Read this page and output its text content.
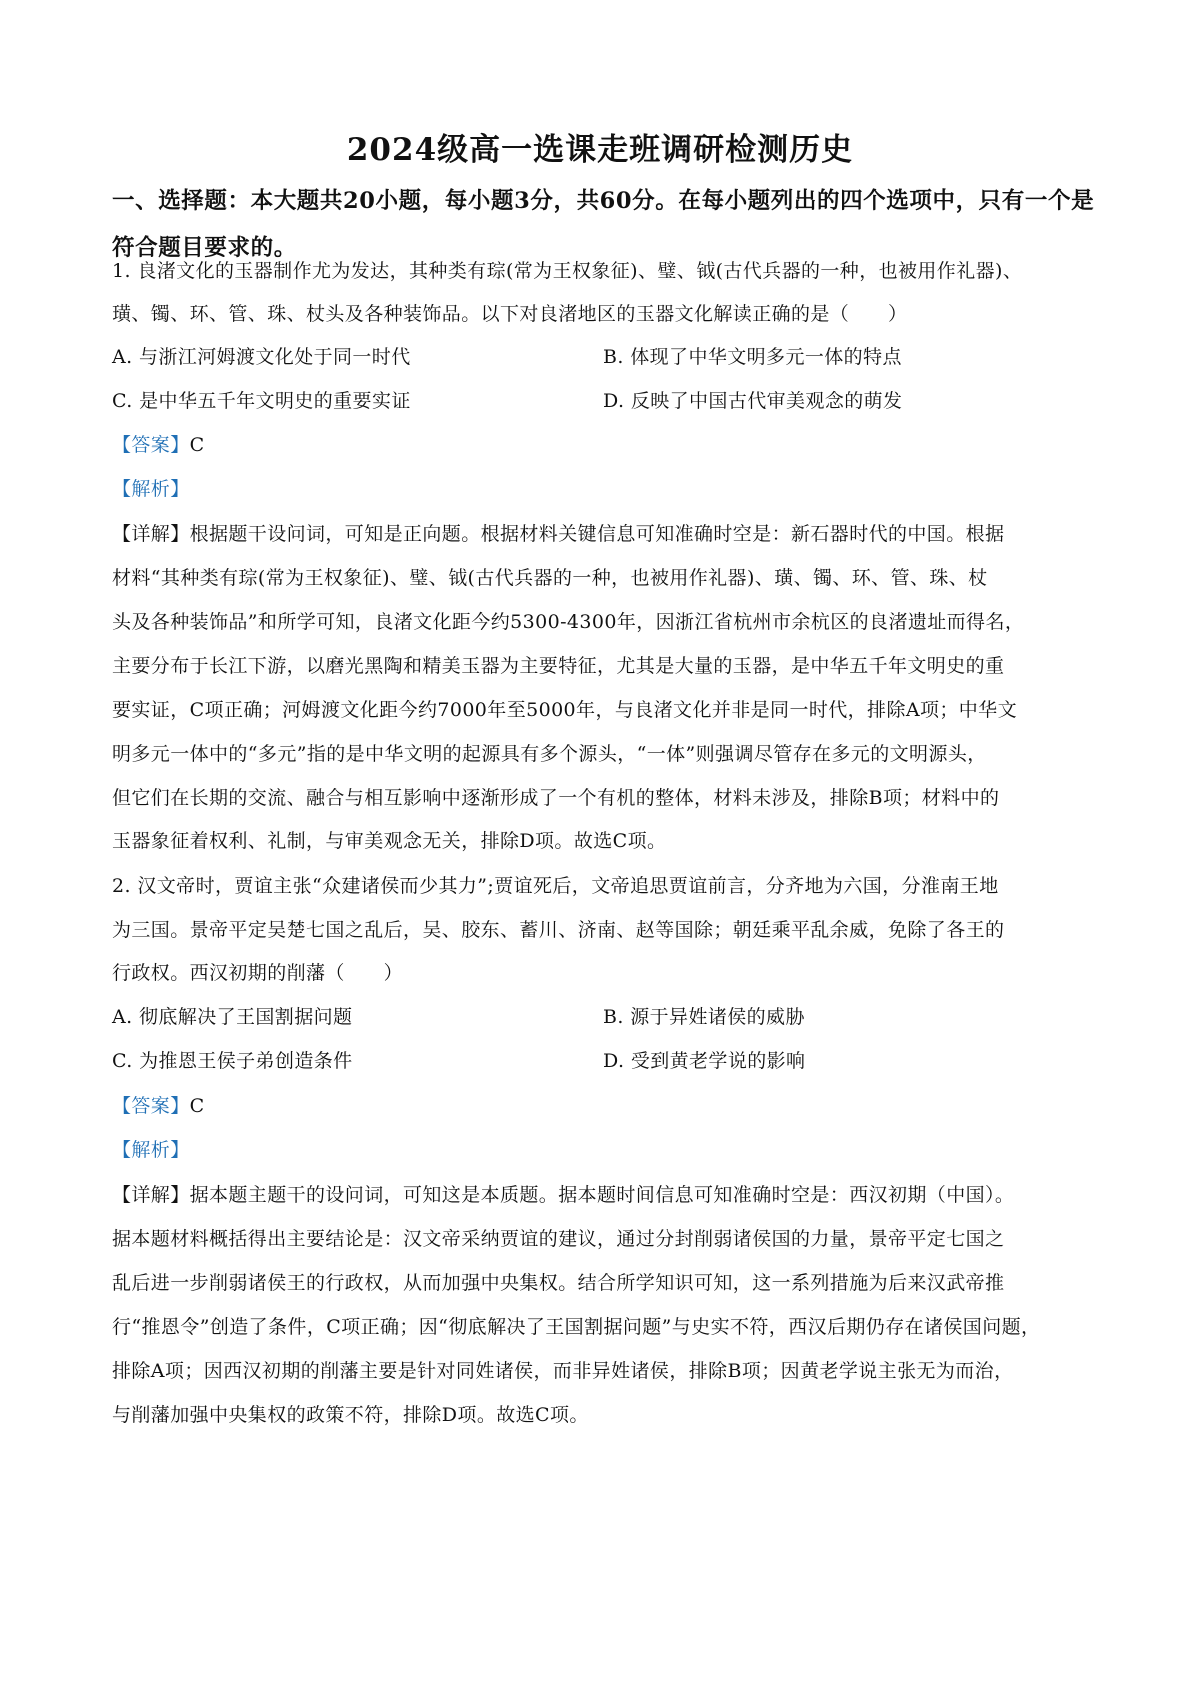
2024级高一选课走班调研检测历史
一、选择题：本大题共20小题，每小题3分，共60分。在每小题列出的四个选项中，只有一个是符合题目要求的。
1. 良渚文化的玉器制作尤为发达，其种类有琮(常为王权象征)、璧、钺(古代兵器的一种，也被用作礼器)、
璜、镯、环、管、珠、杖头及各种装饰品。以下对良渚地区的玉器文化解读正确的是（　　）
A. 与浙江河姆渡文化处于同一时代	B. 体现了中华文明多元一体的特点
C. 是中华五千年文明史的重要实证	D. 反映了中国古代审美观念的萌发
【答案】C
【解析】
【详解】根据题干设问词，可知是正向题。根据材料关键信息可知准确时空是：新石器时代的中国。根据
材料“其种类有琮(常为王权象征)、璧、钺(古代兵器的一种，也被用作礼器)、璜、镯、环、管、珠、杖
头及各种装饰品”和所学可知，良渚文化距今约5300-4300年，因浙江省杭州市余杭区的良渚遗址而得名，
主要分布于长江下游，以磨光黑陶和精美玉器为主要特征，尤其是大量的玉器，是中华五千年文明史的重
要实证，C项正确；河姆渡文化距今约7000年至5000年，与良渚文化并非是同一时代，排除A项；中华文
明多元一体中的“多元”指的是中华文明的起源具有多个源头，“一体”则强调尽管存在多元的文明源头，
但它们在长期的交流、融合与相互影响中逐渐形成了一个有机的整体，材料未涉及，排除B项；材料中的
玉器象征着权利、礼制，与审美观念无关，排除D项。故选C项。
2. 汉文帝时，贾谊主张“众建诸侯而少其力”;贾谊死后，文帝追思贾谊前言，分齐地为六国，分淮南王地
为三国。景帝平定吴楚七国之乱后，吴、胶东、蓄川、济南、赵等国除；朝廷乘平乱余威，免除了各王的
行政权。西汉初期的削藩（　　）
A. 彻底解决了王国割据问题	B. 源于异姓诸侯的威胁
C. 为推恩王侯子弟创造条件	D. 受到黄老学说的影响
【答案】C
【解析】
【详解】据本题主题干的设问词，可知这是本质题。据本题时间信息可知准确时空是：西汉初期（中国）。
据本题材料概括得出主要结论是：汉文帝采纳贾谊的建议，通过分封削弱诸侯国的力量，景帝平定七国之
乱后进一步削弱诸侯王的行政权，从而加强中央集权。结合所学知识可知，这一系列措施为后来汉武帝推
行“推恩令”创造了条件，C项正确；因“彻底解决了王国割据问题”与史实不符，西汉后期仍存在诸侯国问题，
排除A项；因西汉初期的削藩主要是针对同姓诸侯，而非异姓诸侯，排除B项；因黄老学说主张无为而治，
与削藩加强中央集权的政策不符，排除D项。故选C项。
